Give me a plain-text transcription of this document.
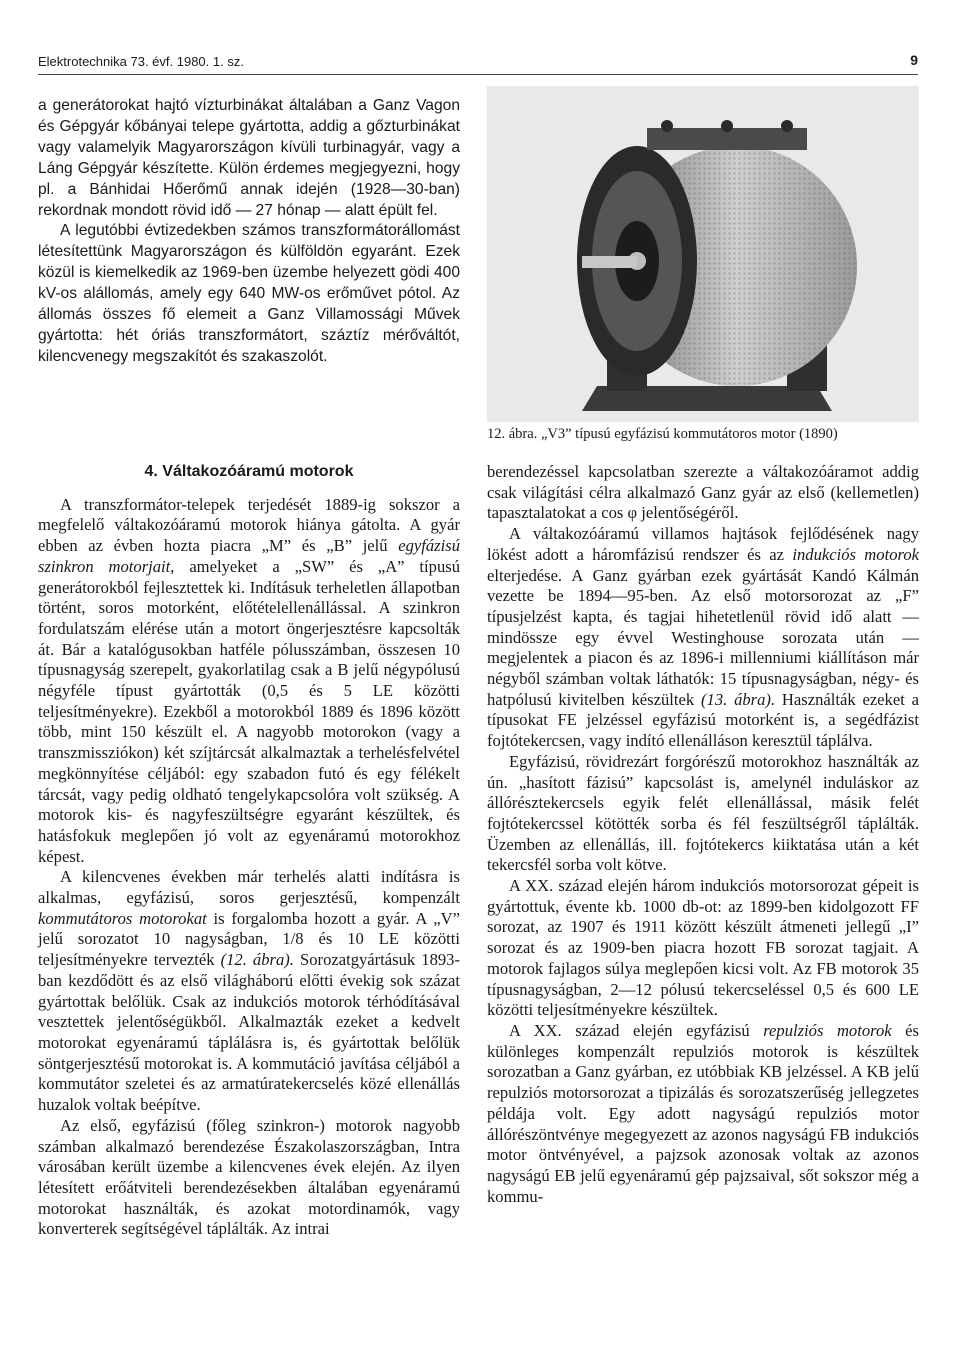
Elektrotechnika 73. évf. 1980. 1. sz.	9

a generátorokat hajtó vízturbinákat általában a Ganz Vagon és Gépgyár kőbányai telepe gyártotta, addig a gőzturbinákat vagy valamelyik Magyarországon kívüli turbinagyár, vagy a Láng Gépgyár készítette. Külön érdemes megjegyezni, hogy pl. a Bánhidai Hőerőmű annak idején (1928—30-ban) rekordnak mondott rövid idő — 27 hónap — alatt épült fel.

A legutóbbi évtizedekben számos transzformátorállomást létesítettünk Magyarországon és külföldön egyaránt. Ezek közül is kiemelkedik az 1969-ben üzembe helyezett gödi 400 kV-os alállomás, amely egy 640 MW-os erőművet pótol. Az állomás összes fő elemeit a Ganz Villamossági Művek gyártotta: hét óriás transzformátort, száztíz mérőváltót, kilencvenegy megszakítót és szakaszolót.

4. Váltakozóáramú motorok

A transzformátor-telepek terjedését 1889-ig sokszor a megfelelő váltakozóáramú motorok hiánya gátolta. A gyár ebben az évben hozta piacra „M” és „B” jelű egyfázisú szinkron motorjait, amelyeket a „SW” és „A” típusú generátorokból fejlesztettek ki. Indításuk terheletlen állapotban történt, soros motorként, előtételellenállással. A szinkron fordulatszám elérése után a motort öngerjesztésre kapcsolták át. Bár a katalógusokban hatféle pólusszámban, összesen 10 típusnagyság szerepelt, gyakorlatilag csak a B jelű négypólusú négyféle típust gyártották (0,5 és 5 LE közötti teljesítményekre). Ezekből a motorokból 1889 és 1896 között több, mint 150 készült el. A nagyobb motorokon (vagy a transzmissziókon) két szíjtárcsát alkalmaztak a terhelésfelvétel megkönnyítése céljából: egy szabadon futó és egy félékelt tárcsát, vagy pedig oldható tengelykapcsolóra volt szükség. A motorok kis- és nagyfeszültségre egyaránt készültek, és hatásfokuk meglepően jó volt az egyenáramú motorokhoz képest.

A kilencvenes években már terhelés alatti indításra is alkalmas, egyfázisú, soros gerjesztésű, kompenzált kommutátoros motorokat is forgalomba hozott a gyár. A „V” jelű sorozatot 10 nagyságban, 1/8 és 10 LE közötti teljesítményekre tervezték (12. ábra). Sorozatgyártásuk 1893-ban kezdődött és az első világháború előtti évekig sok százat gyártottak belőlük. Csak az indukciós motorok térhódításával vesztettek jelentőségükből. Alkalmazták ezeket a kedvelt motorokat egyenáramú táplálásra is, és gyártottak belőlük söntgerjesztésű motorokat is. A kommutáció javítása céljából a kommutátor szeletei és az armatúratekercselés közé ellenállás huzalok voltak beépítve.

Az első, egyfázisú (főleg szinkron-) motorok nagyobb számban alkalmazó berendezése Északolaszországban, Intra városában került üzembe a kilencvenes évek elején. Az ilyen létesített erőátviteli berendezésekben általában egyenáramú motorokat használták, és azokat motordinamók, vagy konverterek segítségével táplálták. Az intrai

12. ábra. „V3” típusú egyfázisú kommutátoros motor (1890)

berendezéssel kapcsolatban szerezte a váltakozóáramot addig csak világítási célra alkalmazó Ganz gyár az első (kellemetlen) tapasztalatokat a cos φ jelentőségéről.

A váltakozóáramú villamos hajtások fejlődésének nagy lökést adott a háromfázisú rendszer és az indukciós motorok elterjedése. A Ganz gyárban ezek gyártását Kandó Kálmán vezette be 1894—95-ben. Az első motorsorozat az „F” típusjelzést kapta, és tagjai hihetetlenül rövid idő alatt — mindössze egy évvel Westinghouse sorozata után — megjelentek a piacon és az 1896-i millenniumi kiállításon már négyből számban voltak láthatók: 15 típusnagyságban, négy- és hatpólusú kivitelben készültek (13. ábra). Használták ezeket a típusokat FE jelzéssel egyfázisú motorként is, a segédfázist fojtótekercsen, vagy indító ellenálláson keresztül táplálva.

Egyfázisú, rövidrezárt forgórészű motorokhoz használták az ún. „hasított fázisú” kapcsolást is, amelynél induláskor az állórésztekercsels egyik felét ellenállással, másik felét fojtótekercssel kötötték sorba és fél feszültségről táplálták. Üzemben az ellenállás, ill. fojtótekercs kiiktatása után a két tekercsfél sorba volt kötve.

A XX. század elején három indukciós motorsorozat gépeit is gyártottuk, évente kb. 1000 db-ot: az 1899-ben kidolgozott FF sorozat, az 1907 és 1911 között készült átmeneti jellegű „I” sorozat és az 1909-ben piacra hozott FB sorozat tagjait. A motorok fajlagos súlya meglepően kicsi volt. Az FB motorok 35 típusnagyságban, 2—12 pólusú tekercseléssel 0,5 és 600 LE közötti teljesítményekre készültek.

A XX. század elején egyfázisú repulziós motorok és különleges kompenzált repulziós motorok is készültek sorozatban a Ganz gyárban, ez utóbbiak KB jelzéssel. A KB jelű repulziós motorsorozat a tipizálás és sorozatszerűség jellegzetes példája volt. Egy adott nagyságú repulziós motor állórészöntvénye megegyezett az azonos nagyságú FB indukciós motor öntvényével, a pajzsok azonosak voltak az azonos nagyságú EB jelű egyenáramú gép pajzsaival, sőt sokszor még a kommu-
